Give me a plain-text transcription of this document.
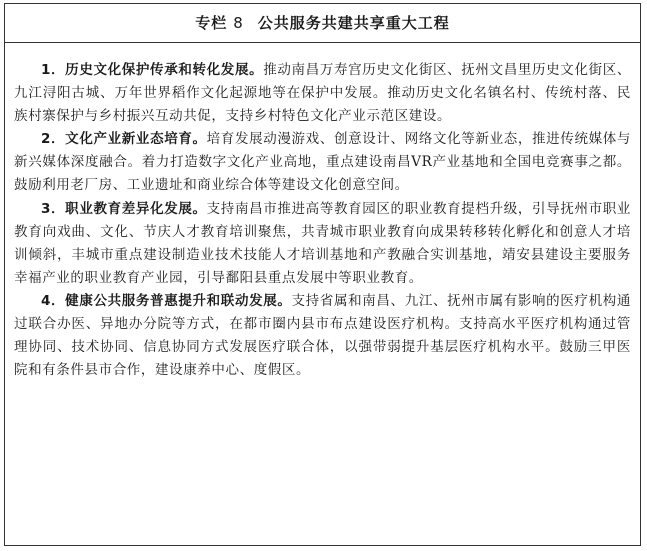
专栏 8 公共服务共建共享重大工程

1．历史文化保护传承和转化发展。推动南昌万寿宫历史文化街区、抚州文昌里历史文化街区、九江浔阳古城、万年世界稻作文化起源地等在保护中发展。推动历史文化名镇名村、传统村落、民族村寨保护与乡村振兴互动共促，支持乡村特色文化产业示范区建设。

2．文化产业新业态培育。培育发展动漫游戏、创意设计、网络文化等新业态，推进传统媒体与新兴媒体深度融合。着力打造数字文化产业高地，重点建设南昌VR产业基地和全国电竞赛事之都。鼓励利用老厂房、工业遗址和商业综合体等建设文化创意空间。

3．职业教育差异化发展。支持南昌市推进高等教育园区的职业教育提档升级，引导抚州市职业教育向戏曲、文化、节庆人才教育培训聚焦，共青城市职业教育向成果转移转化孵化和创意人才培训倾斜，丰城市重点建设制造业技术技能人才培训基地和产教融合实训基地，靖安县建设主要服务幸福产业的职业教育产业园，引导鄱阳县重点发展中等职业教育。

4．健康公共服务普惠提升和联动发展。支持省属和南昌、九江、抚州市属有影响的医疗机构通过联合办医、异地办分院等方式，在都市圈内县市布点建设医疗机构。支持高水平医疗机构通过管理协同、技术协同、信息协同方式发展医疗联合体，以强带弱提升基层医疗机构水平。鼓励三甲医院和有条件县市合作，建设康养中心、度假区。
